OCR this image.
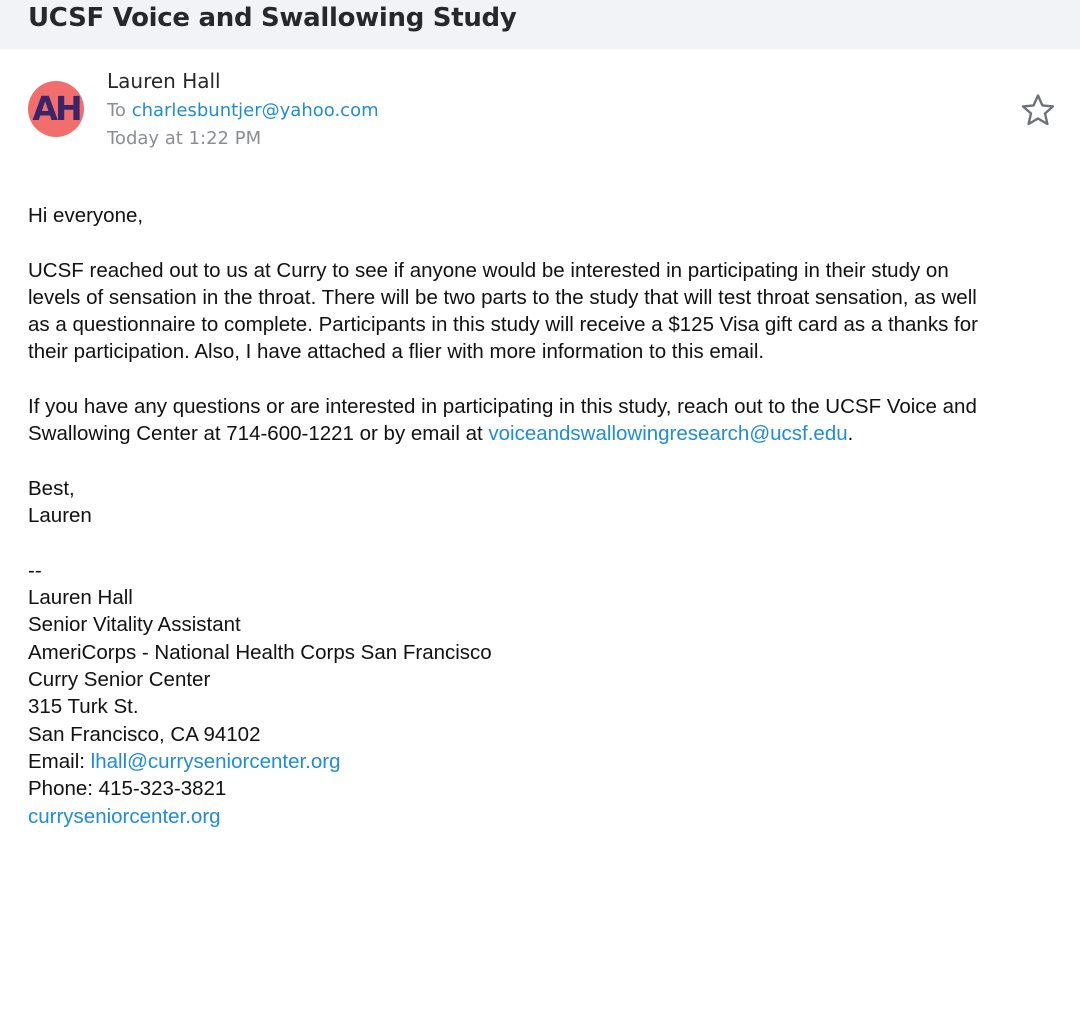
UCSF Voice and Swallowing Study
AH
Lauren Hall
To charlesbuntjer@yahoo.com
Today at 1:22 PM

Hi everyone,

UCSF reached out to us at Curry to see if anyone would be interested in participating in their study on

levels of sensation in the throat. There will be two parts to the study that will test throat sensation, as well

as a questionnaire to complete. Participants in this study will receive a $125 Visa gift card as a thanks for

their participation. Also, I have attached a flier with more information to this email.

If you have any questions or are interested in participating in this study, reach out to the UCSF Voice and

Swallowing Center at 714-600-1221 or by email at voiceandswallowingresearch@ucsf.edu.

Best,

Lauren

--

Lauren Hall

Senior Vitality Assistant

AmeriCorps - National Health Corps San Francisco

Curry Senior Center

315 Turk St.

San Francisco, CA 94102

Email: lhall@curryseniorcenter.org

Phone: 415-323-3821

curryseniorcenter.org
